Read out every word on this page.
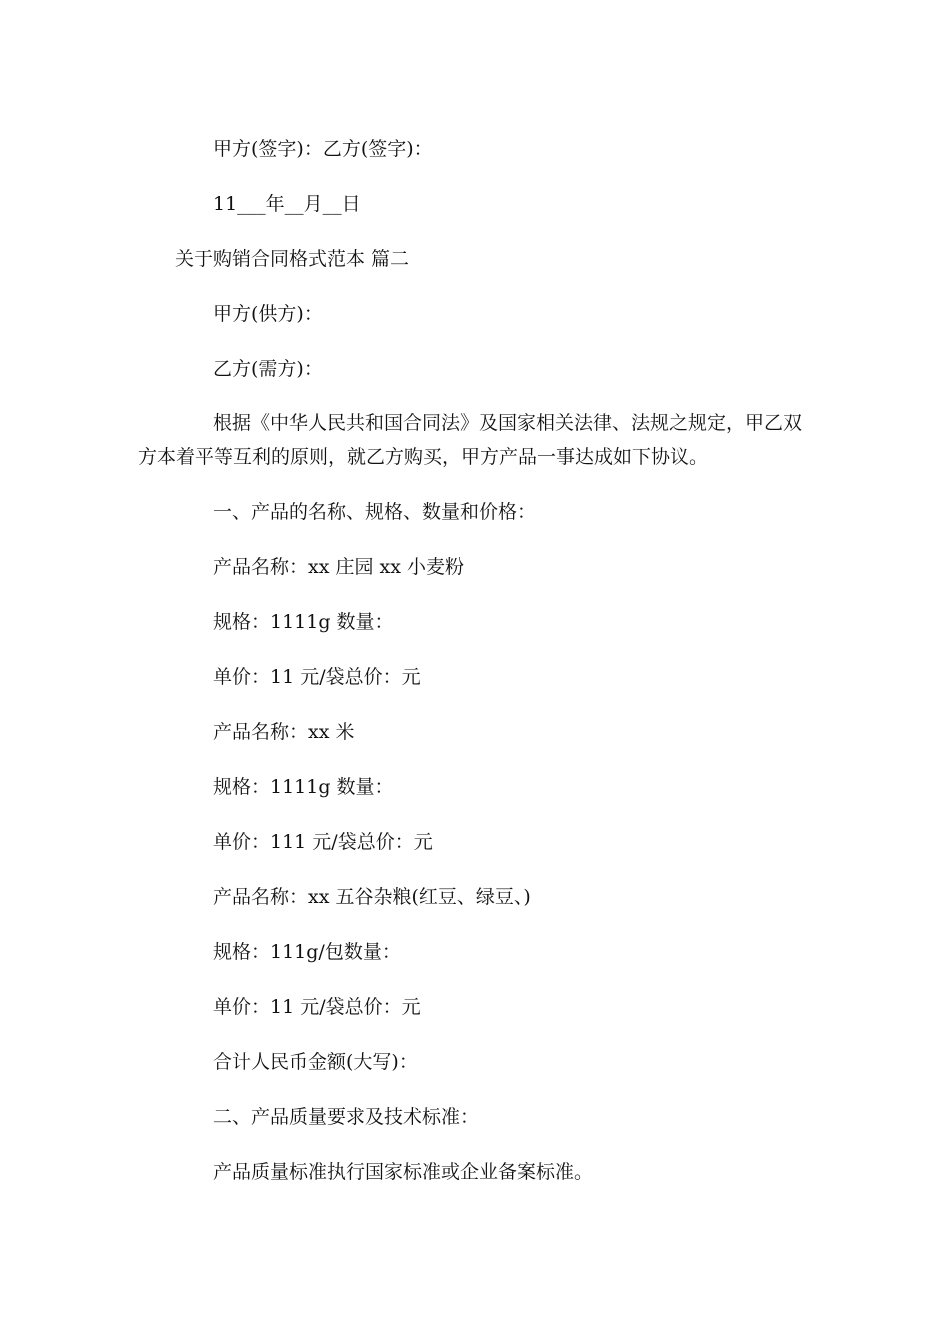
甲方(签字)：乙方(签字)：
11___年__月__日
关于购销合同格式范本 篇二
甲方(供方)：
乙方(需方)：
根据《中华人民共和国合同法》及国家相关法律、法规之规定，甲乙双方本着平等互利的原则，就乙方购买，甲方产品一事达成如下协议。
一、产品的名称、规格、数量和价格：
产品名称：xx 庄园 xx 小麦粉
规格：1111g 数量：
单价：11 元/袋总价：元
产品名称：xx 米
规格：1111g 数量：
单价：111 元/袋总价：元
产品名称：xx 五谷杂粮(红豆、绿豆、)
规格：111g/包数量：
单价：11 元/袋总价：元
合计人民币金额(大写)：
二、产品质量要求及技术标准：
产品质量标准执行国家标准或企业备案标准。
